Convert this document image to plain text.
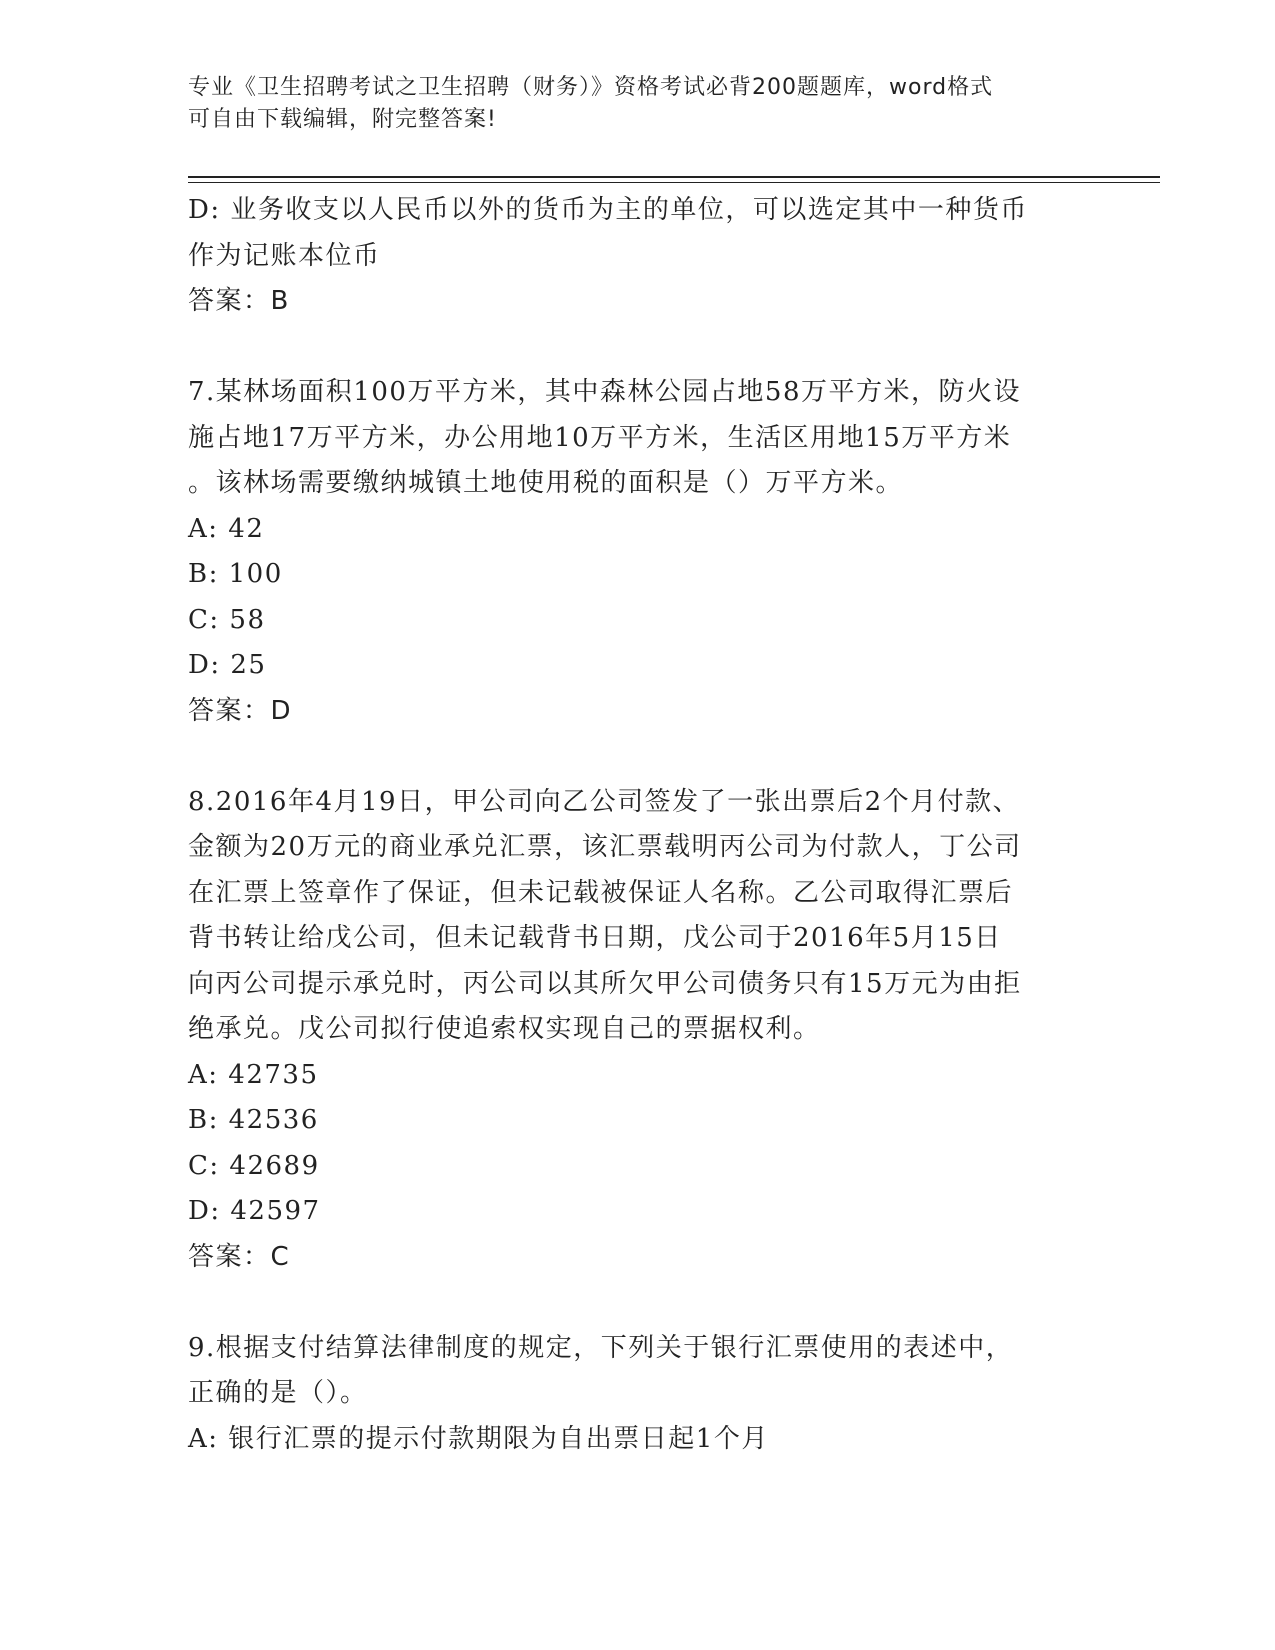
专业《卫生招聘考试之卫生招聘（财务）》资格考试必背200题题库，word格式
可自由下载编辑，附完整答案!
D: 业务收支以人民币以外的货币为主的单位，可以选定其中一种货币
作为记账本位币
答案：B
7.某林场面积100万平方米，其中森林公园占地58万平方米，防火设
施占地17万平方米，办公用地10万平方米，生活区用地15万平方米
。该林场需要缴纳城镇土地使用税的面积是（）万平方米。
A: 42
B: 100
C: 58
D: 25
答案：D
8.2016年4月19日，甲公司向乙公司签发了一张出票后2个月付款、
金额为20万元的商业承兑汇票，该汇票载明丙公司为付款人，丁公司
在汇票上签章作了保证，但未记载被保证人名称。乙公司取得汇票后
背书转让给戊公司，但未记载背书日期，戊公司于2016年5月15日
向丙公司提示承兑时，丙公司以其所欠甲公司债务只有15万元为由拒
绝承兑。戊公司拟行使追索权实现自己的票据权利。
A: 42735
B: 42536
C: 42689
D: 42597
答案：C
9.根据支付结算法律制度的规定，下列关于银行汇票使用的表述中，
正确的是（）。
A: 银行汇票的提示付款期限为自出票日起1个月
